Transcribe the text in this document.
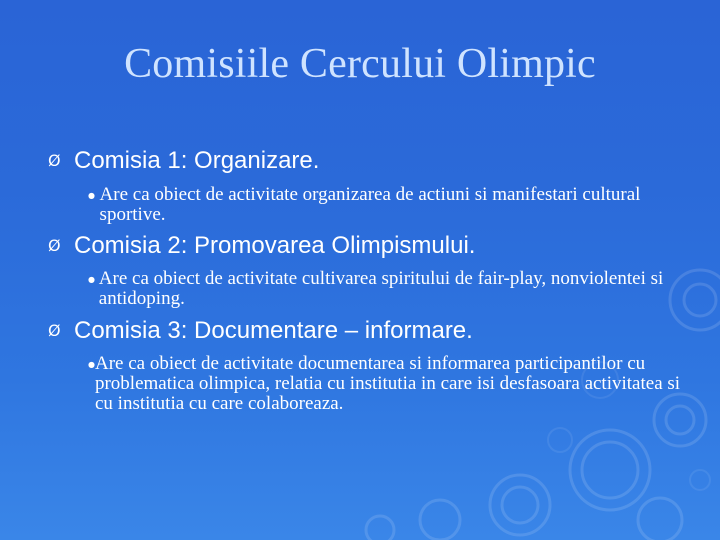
Comisiile Cercului Olimpic
Ø Comisia 1: Organizare.
● Are ca obiect de activitate organizarea de actiuni si manifestari cultural sportive.
Ø Comisia 2: Promovarea Olimpismului.
● Are ca obiect de activitate cultivarea spiritului de fair-play, nonviolentei si antidoping.
Ø Comisia 3: Documentare – informare.
● Are ca obiect de activitate documentarea si informarea participantilor cu problematica olimpica, relatia cu institutia in care isi desfasoara activitatea si cu institutia cu care colaboreaza.
